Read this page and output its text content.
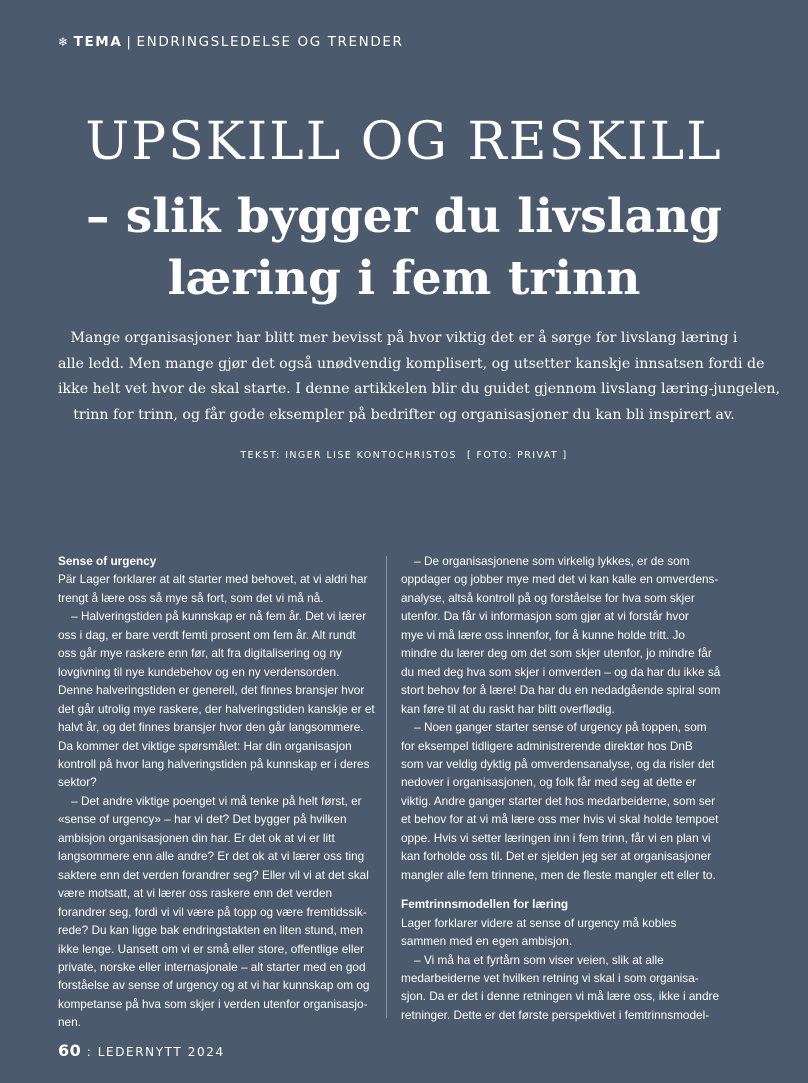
❄ TEMA | ENDRINGSLEDELSE OG TRENDER
UPSKILL OG RESKILL
– slik bygger du livslang
læring i fem trinn
Mange organisasjoner har blitt mer bevisst på hvor viktig det er å sørge for livslang læring i
alle ledd. Men mange gjør det også unødvendig komplisert, og utsetter kanskje innsatsen fordi de
ikke helt vet hvor de skal starte. I denne artikkelen blir du guidet gjennom livslang læring-jungelen,
trinn for trinn, og får gode eksempler på bedrifter og organisasjoner du kan bli inspirert av.
TEKST: INGER LISE KONTOCHRISTOS [ FOTO: PRIVAT ]
Sense of urgency
Pär Lager forklarer at alt starter med behovet, at vi aldri har
trengt å lære oss så mye så fort, som det vi må nå.
– Halveringstiden på kunnskap er nå fem år. Det vi lærer
oss i dag, er bare verdt femti prosent om fem år. Alt rundt
oss går mye raskere enn før, alt fra digitalisering og ny
lovgivning til nye kundebehov og en ny verdensorden.
Denne halveringstiden er generell, det finnes bransjer hvor
det går utrolig mye raskere, der halveringstiden kanskje er et
halvt år, og det finnes bransjer hvor den går langsommere.
Da kommer det viktige spørsmålet: Har din organisasjon
kontroll på hvor lang halveringstiden på kunnskap er i deres
sektor?
– Det andre viktige poenget vi må tenke på helt først, er
«sense of urgency» – har vi det? Det bygger på hvilken
ambisjon organisasjonen din har. Er det ok at vi er litt
langsommere enn alle andre? Er det ok at vi lærer oss ting
saktere enn det verden forandrer seg? Eller vil vi at det skal
være motsatt, at vi lærer oss raskere enn det verden
forandrer seg, fordi vi vil være på topp og være fremtidssik-
rede? Du kan ligge bak endringstakten en liten stund, men
ikke lenge. Uansett om vi er små eller store, offentlige eller
private, norske eller internasjonale – alt starter med en god
forståelse av sense of urgency og at vi har kunnskap om og
kompetanse på hva som skjer i verden utenfor organisasjo-
nen.
– De organisasjonene som virkelig lykkes, er de som
oppdager og jobber mye med det vi kan kalle en omverdens-
analyse, altså kontroll på og forståelse for hva som skjer
utenfor. Da får vi informasjon som gjør at vi forstår hvor
mye vi må lære oss innenfor, for å kunne holde tritt. Jo
mindre du lærer deg om det som skjer utenfor, jo mindre får
du med deg hva som skjer i omverden – og da har du ikke så
stort behov for å lære! Da har du en nedadgående spiral som
kan føre til at du raskt har blitt overflødig.
– Noen ganger starter sense of urgency på toppen, som
for eksempel tidligere administrerende direktør hos DnB
som var veldig dyktig på omverdensanalyse, og da risler det
nedover i organisasjonen, og folk får med seg at dette er
viktig. Andre ganger starter det hos medarbeiderne, som ser
et behov for at vi må lære oss mer hvis vi skal holde tempoet
oppe. Hvis vi setter læringen inn i fem trinn, får vi en plan vi
kan forholde oss til. Det er sjelden jeg ser at organisasjoner
mangler alle fem trinnene, men de fleste mangler ett eller to.
Femtrinnsmodellen for læring
Lager forklarer videre at sense of urgency må kobles
sammen med en egen ambisjon.
– Vi må ha et fyrtårn som viser veien, slik at alle
medarbeiderne vet hvilken retning vi skal i som organisa-
sjon. Da er det i denne retningen vi må lære oss, ikke i andre
retninger. Dette er det første perspektivet i femtrinnsmodel-
60 : LEDERNYTT 2024
